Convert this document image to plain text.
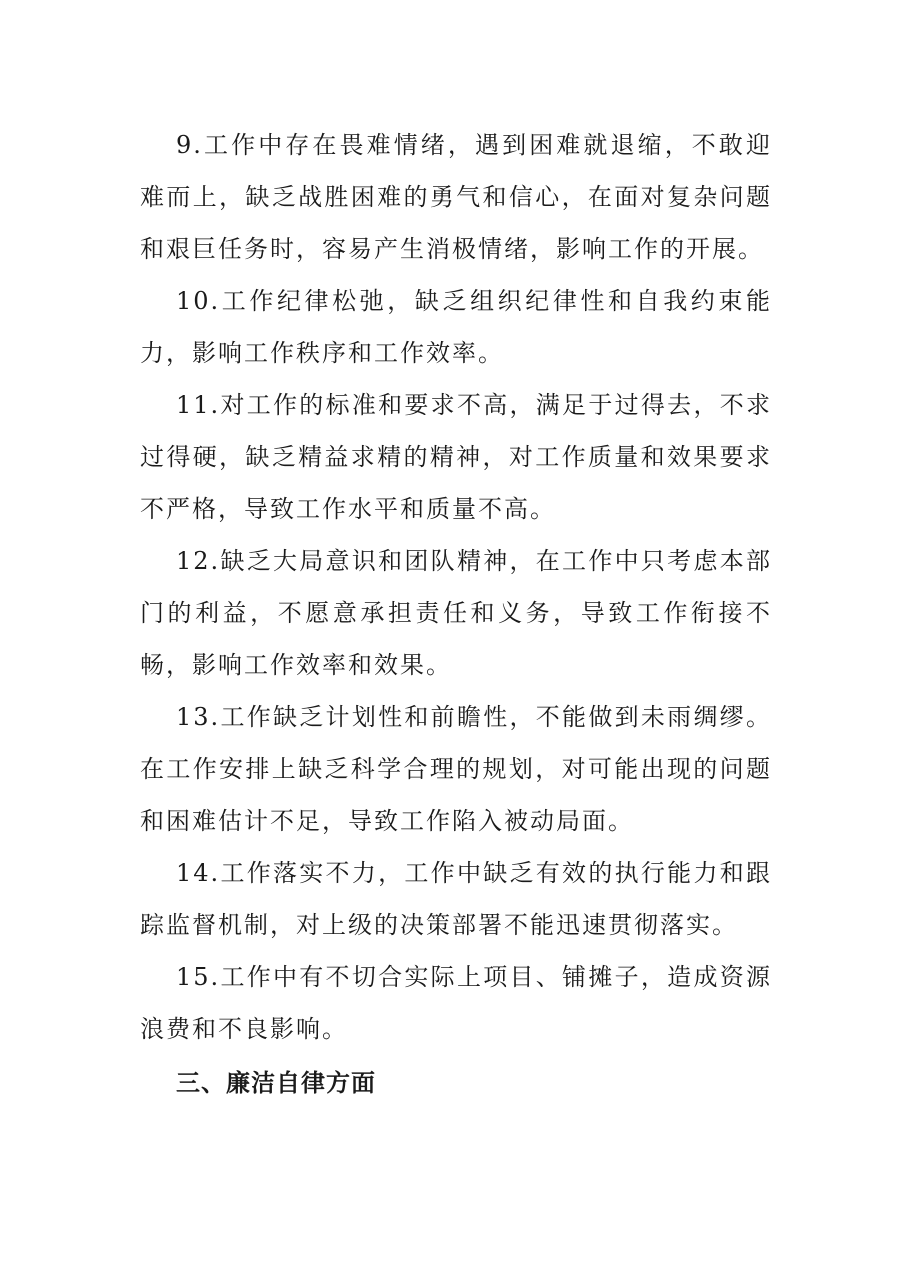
9.工作中存在畏难情绪，遇到困难就退缩，不敢迎难而上，缺乏战胜困难的勇气和信心，在面对复杂问题和艰巨任务时，容易产生消极情绪，影响工作的开展。

10.工作纪律松弛，缺乏组织纪律性和自我约束能力，影响工作秩序和工作效率。

11.对工作的标准和要求不高，满足于过得去，不求过得硬，缺乏精益求精的精神，对工作质量和效果要求不严格，导致工作水平和质量不高。

12.缺乏大局意识和团队精神，在工作中只考虑本部门的利益，不愿意承担责任和义务，导致工作衔接不畅，影响工作效率和效果。

13.工作缺乏计划性和前瞻性，不能做到未雨绸缪。在工作安排上缺乏科学合理的规划，对可能出现的问题和困难估计不足，导致工作陷入被动局面。

14.工作落实不力，工作中缺乏有效的执行能力和跟踪监督机制，对上级的决策部署不能迅速贯彻落实。

15.工作中有不切合实际上项目、铺摊子，造成资源浪费和不良影响。

三、廉洁自律方面
